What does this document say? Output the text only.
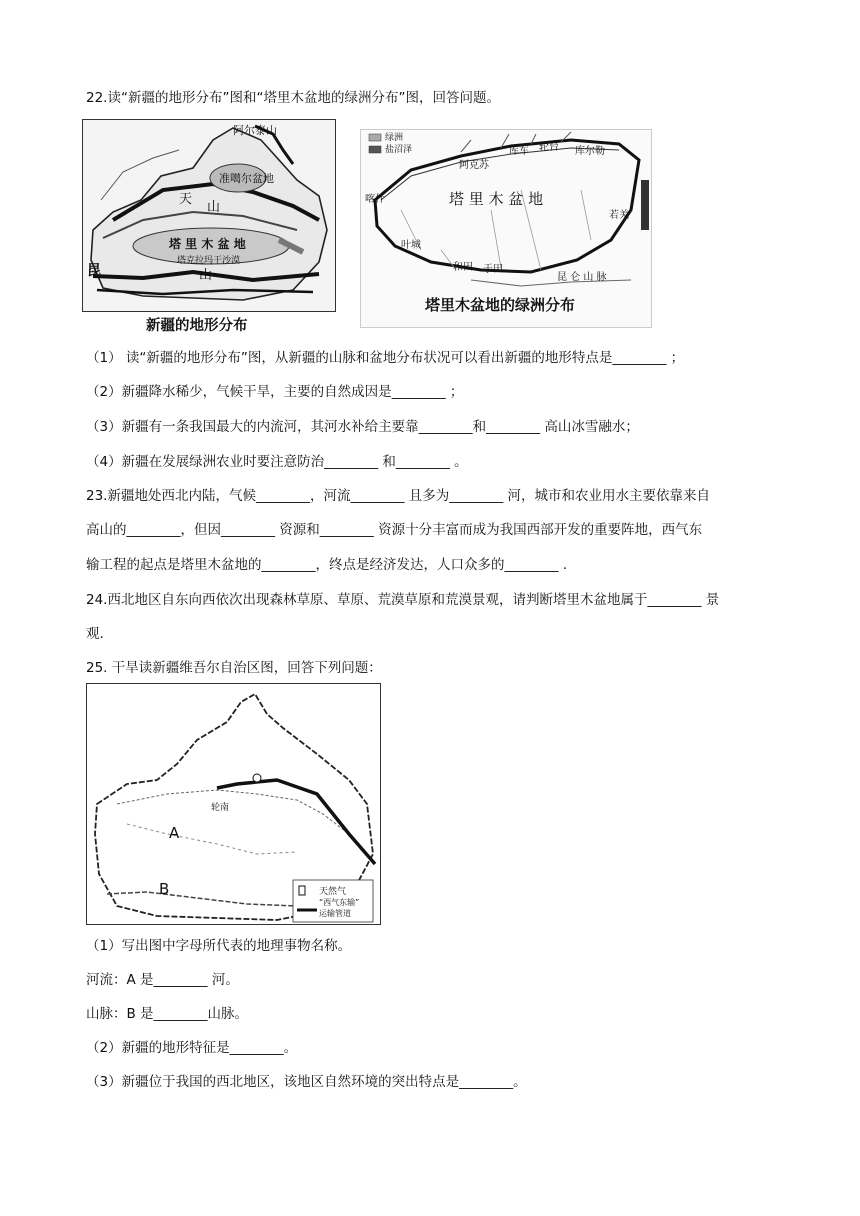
22.读“新疆的地形分布”图和“塔里木盆地的绿洲分布”图，回答问题。
阿尔泰山
准噶尔盆地
天
山
塔 里 木 盆 地
塔克拉玛干沙漠
昆	山
新疆的地形分布
绿洲
盐沼泽
阿克苏
库车 轮台 库尔勒
喀什
叶城
和田 于田
若羌
塔 里 木 盆 地
昆 仑 山 脉
塔里木盆地的绿洲分布
（1） 读“新疆的地形分布”图，从新疆的山脉和盆地分布状况可以看出新疆的地形特点是________ ；
（2）新疆降水稀少，气候干旱，主要的自然成因是________ ；
（3）新疆有一条我国最大的内流河，其河水补给主要靠________和________ 高山冰雪融水；
（4）新疆在发展绿洲农业时要注意防治________ 和________ 。
23.新疆地处西北内陆，气候________，河流________ 且多为________ 河，城市和农业用水主要依靠来自
高山的________，但因________ 资源和________ 资源十分丰富而成为我国西部开发的重要阵地，西气东
输工程的起点是塔里木盆地的________，终点是经济发达，人口众多的________ .
24.西北地区自东向西依次出现森林草原、草原、荒漠草原和荒漠景观，请判断塔里木盆地属于________ 景
观.
25. 干旱读新疆维吾尔自治区图，回答下列问题：
轮南
A
B	天然气
“西气东输”
运输管道
（1）写出图中字母所代表的地理事物名称。
河流：A 是________ 河。
山脉：B 是________山脉。
（2）新疆的地形特征是________。
（3）新疆位于我国的西北地区，该地区自然环境的突出特点是________。
